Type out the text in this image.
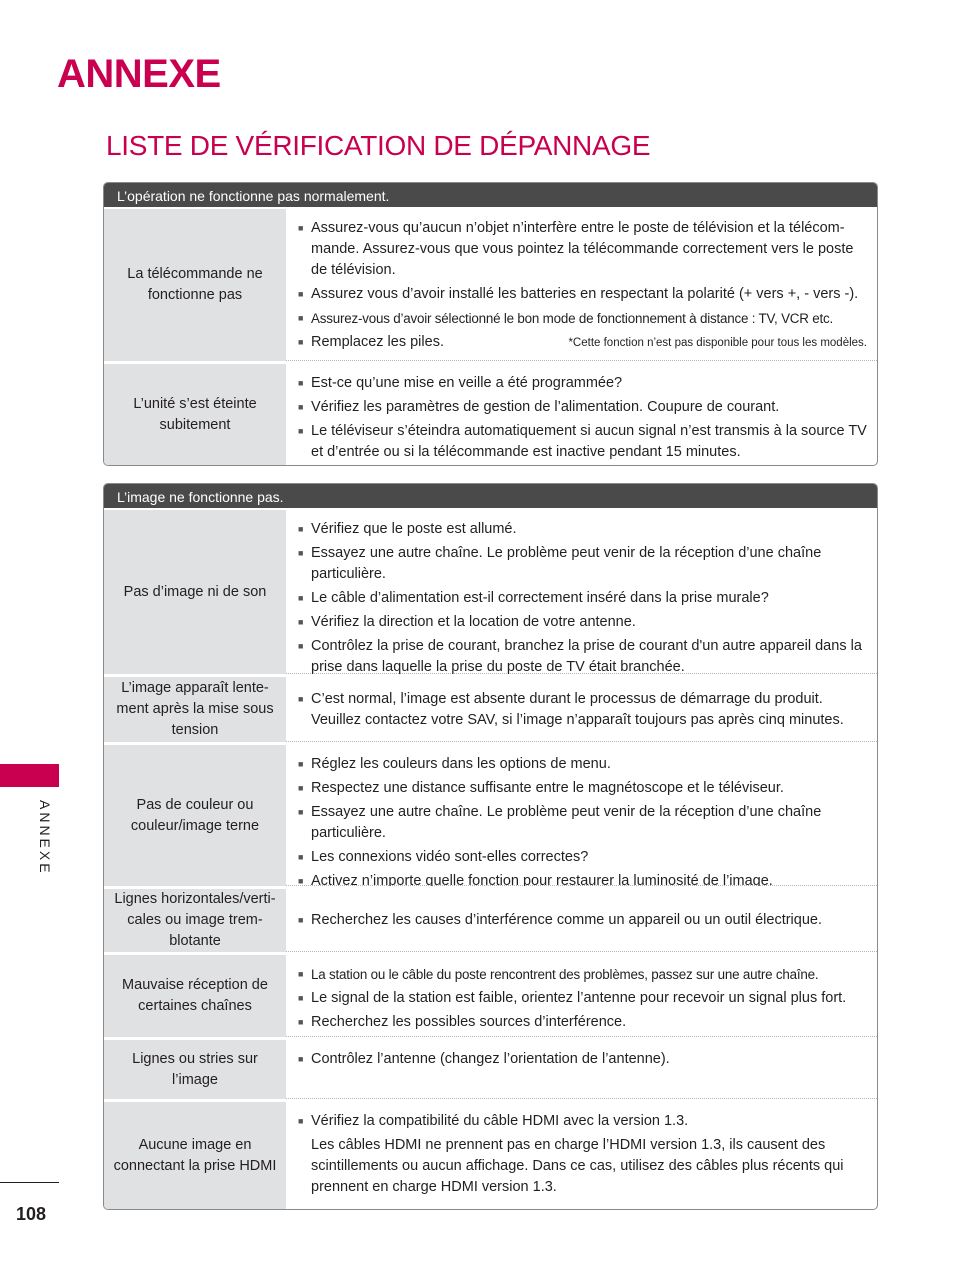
ANNEXE
LISTE DE VÉRIFICATION DE DÉPANNAGE
L’opération ne fonctionne pas normalement.
La télécommande ne fonctionne pas
■ Assurez-vous qu’aucun n’objet n’interfère entre le poste de télévision et la télécom-mande. Assurez-vous que vous pointez la télécommande correctement vers le poste de télévision.
■ Assurez vous d’avoir installé les batteries en respectant la polarité (+ vers +, - vers -).
■ Assurez-vous d’avoir sélectionné le bon mode de fonctionnement à distance : TV, VCR etc.
■ Remplacez les piles.	*Cette fonction n’est pas disponible pour tous les modèles.
L’unité s’est éteinte subitement
■ Est-ce qu’une mise en veille a été programmée?
■ Vérifiez les paramètres de gestion de l’alimentation. Coupure de courant.
■ Le téléviseur s’éteindra automatiquement si aucun signal n’est transmis à la source TV et d’entrée ou si la télécommande est inactive pendant 15 minutes.
L’image ne fonctionne pas.
Pas d’image ni de son
■ Vérifiez que le poste est allumé.
■ Essayez une autre chaîne. Le problème peut venir de la réception d’une chaîne particulière.
■ Le câble d’alimentation est-il correctement inséré dans la prise murale?
■ Vérifiez la direction et la location de votre antenne.
■ Contrôlez la prise de courant, branchez la prise de courant d'un autre appareil dans la prise dans laquelle la prise du poste de TV était branchée.
L’image apparaît lente-ment après la mise sous tension
■ C’est normal, l’image est absente durant le processus de démarrage du produit. Veuillez contactez votre SAV, si l’image n’apparaît toujours pas après cinq minutes.
Pas de couleur ou couleur/image terne
■ Réglez les couleurs dans les options de menu.
■ Respectez une distance suffisante entre le magnétoscope et le téléviseur.
■ Essayez une autre chaîne. Le problème peut venir de la réception d’une chaîne particulière.
■ Les connexions vidéo sont-elles correctes?
■ Activez n’importe quelle fonction pour restaurer la luminosité de l’image.
Lignes horizontales/verti-cales ou image trem-blotante
■ Recherchez les causes d’interférence comme un appareil ou un outil électrique.
Mauvaise réception de certaines chaînes
■ La station ou le câble du poste rencontrent des problèmes, passez sur une autre chaîne.
■ Le signal de la station est faible, orientez l’antenne pour recevoir un signal plus fort.
■ Recherchez les possibles sources d’interférence.
Lignes ou stries sur l’image
■ Contrôlez l’antenne (changez l’orientation de l’antenne).
Aucune image en connectant la prise HDMI
■ Vérifiez la compatibilité du câble HDMI avec la version 1.3.
Les câbles HDMI ne prennent pas en charge l’HDMI version 1.3, ils causent des scintillements ou aucun affichage. Dans ce cas, utilisez des câbles plus récents qui prennent en charge HDMI version 1.3.
ANNEXE
108
